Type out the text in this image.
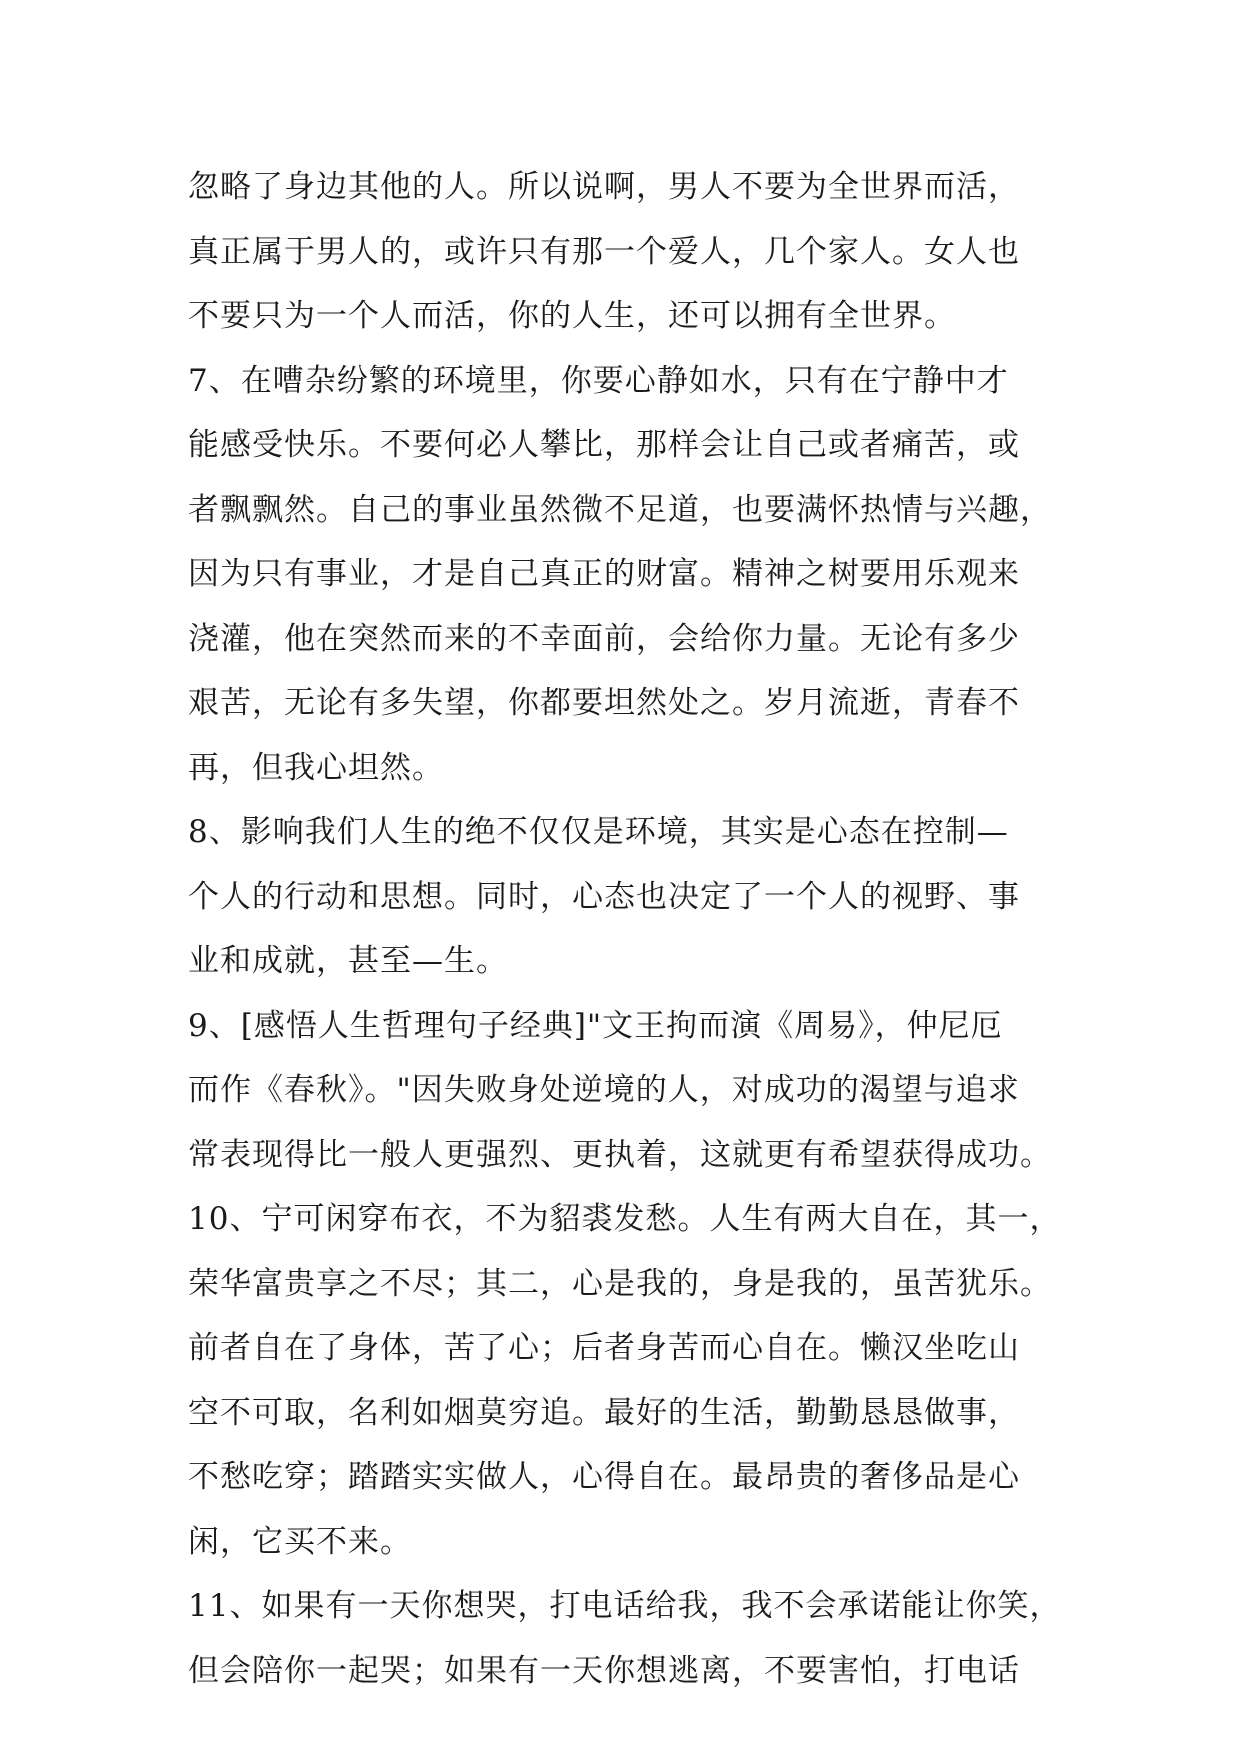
忽略了身边其他的人。所以说啊，男人不要为全世界而活，
真正属于男人的，或许只有那一个爱人，几个家人。女人也
不要只为一个人而活，你的人生，还可以拥有全世界。
7、在嘈杂纷繁的环境里，你要心静如水，只有在宁静中才
能感受快乐。不要何必人攀比，那样会让自己或者痛苦，或
者飘飘然。自己的事业虽然微不足道，也要满怀热情与兴趣，
因为只有事业，才是自己真正的财富。精神之树要用乐观来
浇灌，他在突然而来的不幸面前，会给你力量。无论有多少
艰苦，无论有多失望，你都要坦然处之。岁月流逝，青春不
再，但我心坦然。
8、影响我们人生的绝不仅仅是环境，其实是心态在控制—
个人的行动和思想。同时，心态也决定了一个人的视野、事
业和成就，甚至—生。
9、[感悟人生哲理句子经典]"文王拘而演《周易》，仲尼厄
而作《春秋》。"因失败身处逆境的人，对成功的渴望与追求
常表现得比一般人更强烈、更执着，这就更有希望获得成功。
10、宁可闲穿布衣，不为貂裘发愁。人生有两大自在，其一，
荣华富贵享之不尽；其二，心是我的，身是我的，虽苦犹乐。
前者自在了身体，苦了心；后者身苦而心自在。懒汉坐吃山
空不可取，名利如烟莫穷追。最好的生活，勤勤恳恳做事，
不愁吃穿；踏踏实实做人，心得自在。最昂贵的奢侈品是心
闲，它买不来。
11、如果有一天你想哭，打电话给我，我不会承诺能让你笑，
但会陪你一起哭；如果有一天你想逃离，不要害怕，打电话
